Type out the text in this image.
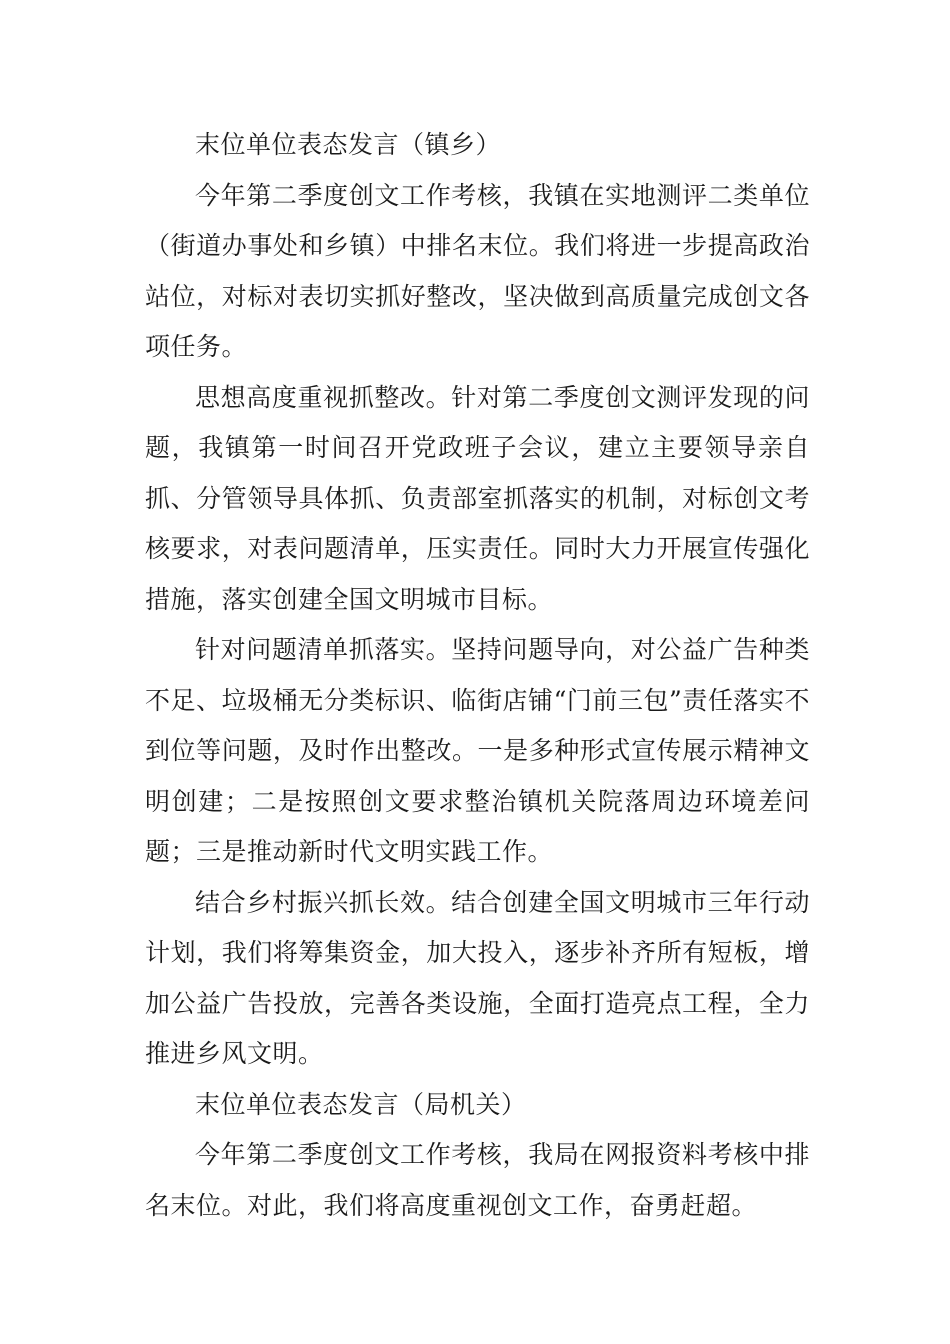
末位单位表态发言（镇乡）

今年第二季度创文工作考核，我镇在实地测评二类单位（街道办事处和乡镇）中排名末位。我们将进一步提高政治站位，对标对表切实抓好整改，坚决做到高质量完成创文各项任务。

思想高度重视抓整改。针对第二季度创文测评发现的问题，我镇第一时间召开党政班子会议，建立主要领导亲自抓、分管领导具体抓、负责部室抓落实的机制，对标创文考核要求，对表问题清单，压实责任。同时大力开展宣传强化措施，落实创建全国文明城市目标。

针对问题清单抓落实。坚持问题导向，对公益广告种类不足、垃圾桶无分类标识、临街店铺“门前三包”责任落实不到位等问题，及时作出整改。一是多种形式宣传展示精神文明创建；二是按照创文要求整治镇机关院落周边环境差问题；三是推动新时代文明实践工作。

结合乡村振兴抓长效。结合创建全国文明城市三年行动计划，我们将筹集资金，加大投入，逐步补齐所有短板，增加公益广告投放，完善各类设施，全面打造亮点工程，全力推进乡风文明。

末位单位表态发言（局机关）

今年第二季度创文工作考核，我局在网报资料考核中排名末位。对此，我们将高度重视创文工作，奋勇赶超。
